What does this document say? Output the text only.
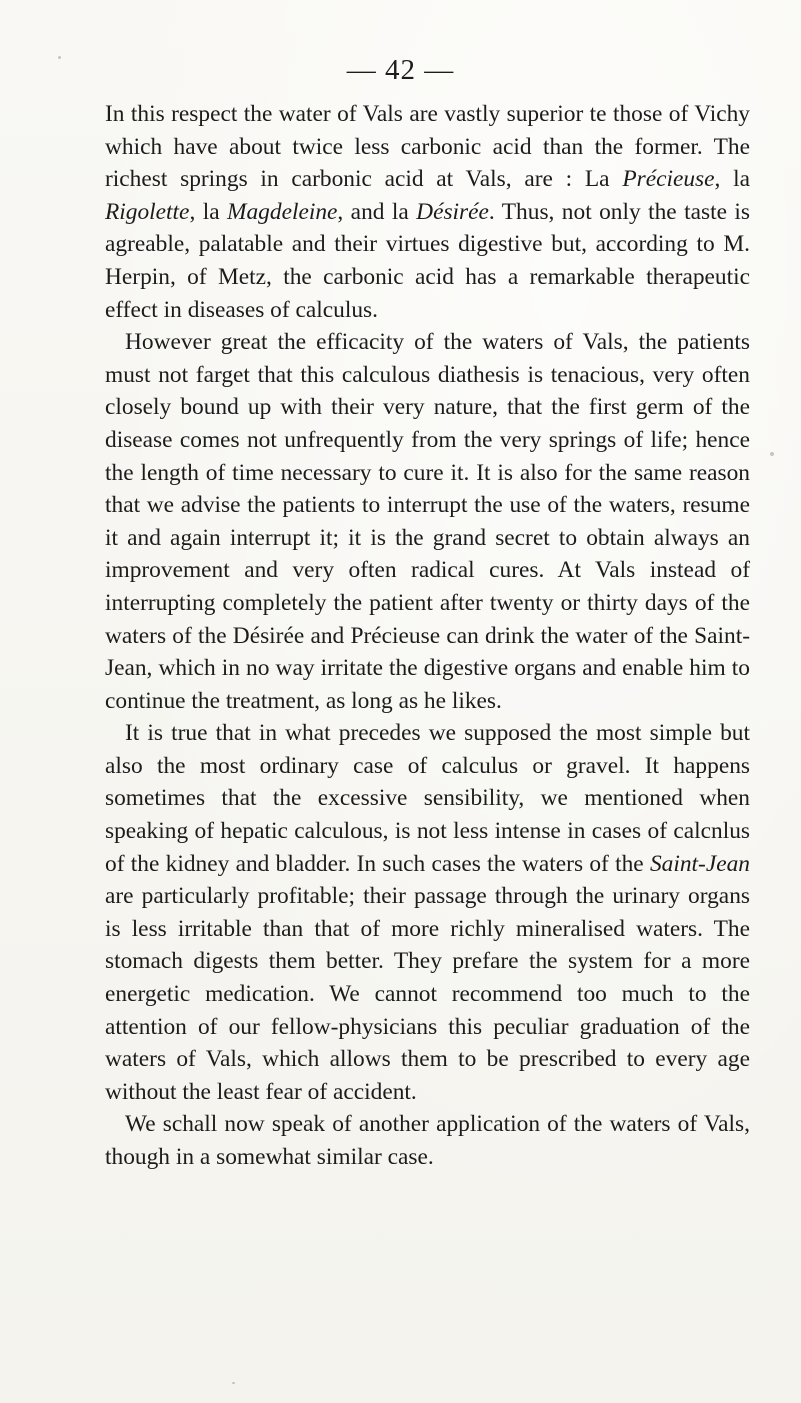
— 42 —

In this respect the water of Vals are vastly superior te those of Vichy which have about twice less carbonic acid than the former. The richest springs in carbonic acid at Vals, are : La Précieuse, la Rigolette, la Magdeleine, and la Désirée. Thus, not only the taste is agreable, palatable and their virtues digestive but, according to M. Herpin, of Metz, the carbonic acid has a remarkable therapeutic effect in diseases of calculus.

However great the efficacity of the waters of Vals, the patients must not farget that this calculous diathesis is tenacious, very often closely bound up with their very nature, that the first germ of the disease comes not unfrequently from the very springs of life; hence the length of time necessary to cure it. It is also for the same reason that we advise the patients to interrupt the use of the waters, resume it and again interrupt it; it is the grand secret to obtain always an improvement and very often radical cures. At Vals instead of interrupting completely the patient after twenty or thirty days of the waters of the Désirée and Précieuse can drink the water of the Saint-Jean, which in no way irritate the digestive organs and enable him to continue the treatment, as long as he likes.

It is true that in what precedes we supposed the most simple but also the most ordinary case of calculus or gravel. It happens sometimes that the excessive sensibility, we mentioned when speaking of hepatic calculous, is not less intense in cases of calcnlus of the kidney and bladder. In such cases the waters of the Saint-Jean are particularly profitable; their passage through the urinary organs is less irritable than that of more richly mineralised waters. The stomach digests them better. They prefare the system for a more energetic medication. We cannot recommend too much to the attention of our fellow-physicians this peculiar graduation of the waters of Vals, which allows them to be prescribed to every age without the least fear of accident.

We schall now speak of another application of the waters of Vals, though in a somewhat similar case.
